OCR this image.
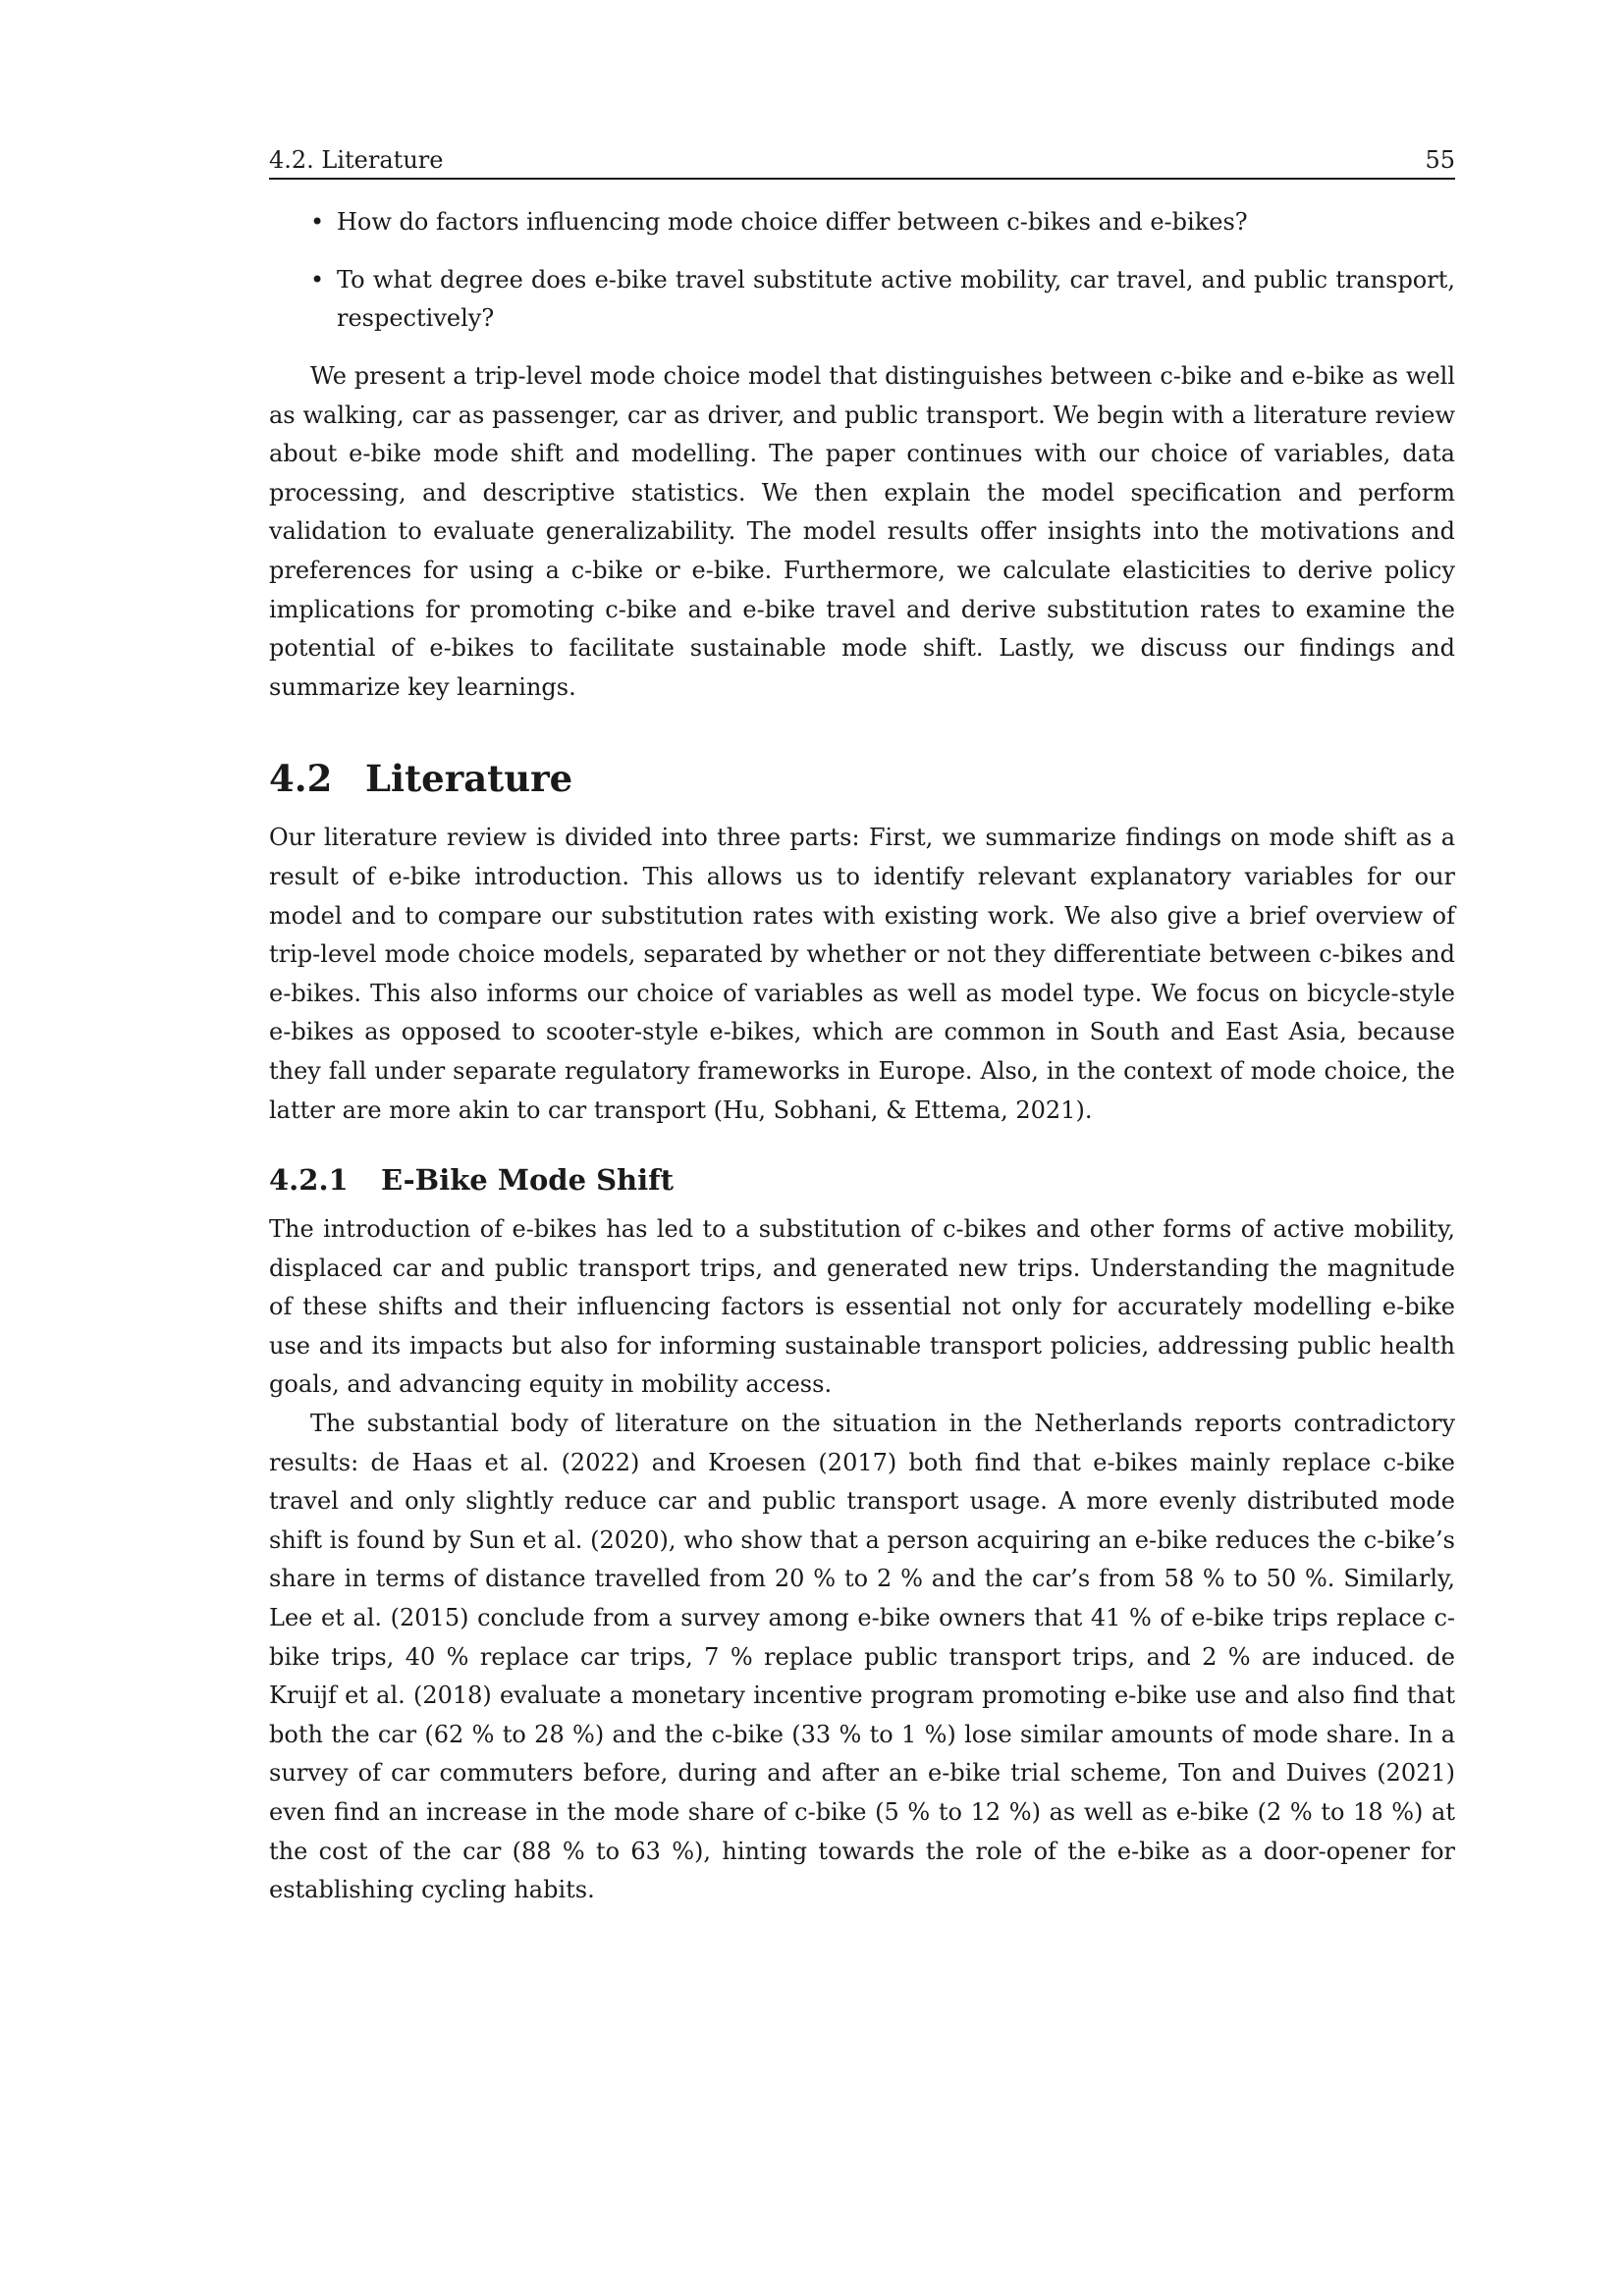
4.2. Literature	55
• How do factors influencing mode choice differ between c-bikes and e-bikes?
• To what degree does e-bike travel substitute active mobility, car travel, and public transport, respectively?

We present a trip-level mode choice model that distinguishes between c-bike and e-bike as well as walking, car as passenger, car as driver, and public transport. We begin with a literature review about e-bike mode shift and modelling. The paper continues with our choice of variables, data processing, and descriptive statistics. We then explain the model specification and perform validation to evaluate generalizability. The model results offer insights into the motivations and preferences for using a c-bike or e-bike. Furthermore, we calculate elasticities to derive policy implications for promoting c-bike and e-bike travel and derive substitution rates to examine the potential of e-bikes to facilitate sustainable mode shift. Lastly, we discuss our findings and summarize key learnings.

4.2 Literature

Our literature review is divided into three parts: First, we summarize findings on mode shift as a result of e-bike introduction. This allows us to identify relevant explanatory variables for our model and to compare our substitution rates with existing work. We also give a brief overview of trip-level mode choice models, separated by whether or not they differentiate between c-bikes and e-bikes. This also informs our choice of variables as well as model type. We focus on bicycle-style e-bikes as opposed to scooter-style e-bikes, which are common in South and East Asia, because they fall under separate regulatory frameworks in Europe. Also, in the context of mode choice, the latter are more akin to car transport (Hu, Sobhani, & Ettema, 2021).

4.2.1 E-Bike Mode Shift

The introduction of e-bikes has led to a substitution of c-bikes and other forms of active mobility, displaced car and public transport trips, and generated new trips. Understanding the magnitude of these shifts and their influencing factors is essential not only for accurately modelling e-bike use and its impacts but also for informing sustainable transport policies, addressing public health goals, and advancing equity in mobility access.

The substantial body of literature on the situation in the Netherlands reports contradictory results: de Haas et al. (2022) and Kroesen (2017) both find that e-bikes mainly replace c-bike travel and only slightly reduce car and public transport usage. A more evenly distributed mode shift is found by Sun et al. (2020), who show that a person acquiring an e-bike reduces the c-bike’s share in terms of distance travelled from 20 % to 2 % and the car’s from 58 % to 50 %. Similarly, Lee et al. (2015) conclude from a survey among e-bike owners that 41 % of e-bike trips replace c-bike trips, 40 % replace car trips, 7 % replace public transport trips, and 2 % are induced. de Kruijf et al. (2018) evaluate a monetary incentive program promoting e-bike use and also find that both the car (62 % to 28 %) and the c-bike (33 % to 1 %) lose similar amounts of mode share. In a survey of car commuters before, during and after an e-bike trial scheme, Ton and Duives (2021) even find an increase in the mode share of c-bike (5 % to 12 %) as well as e-bike (2 % to 18 %) at the cost of the car (88 % to 63 %), hinting towards the role of the e-bike as a door-opener for establishing cycling habits.
